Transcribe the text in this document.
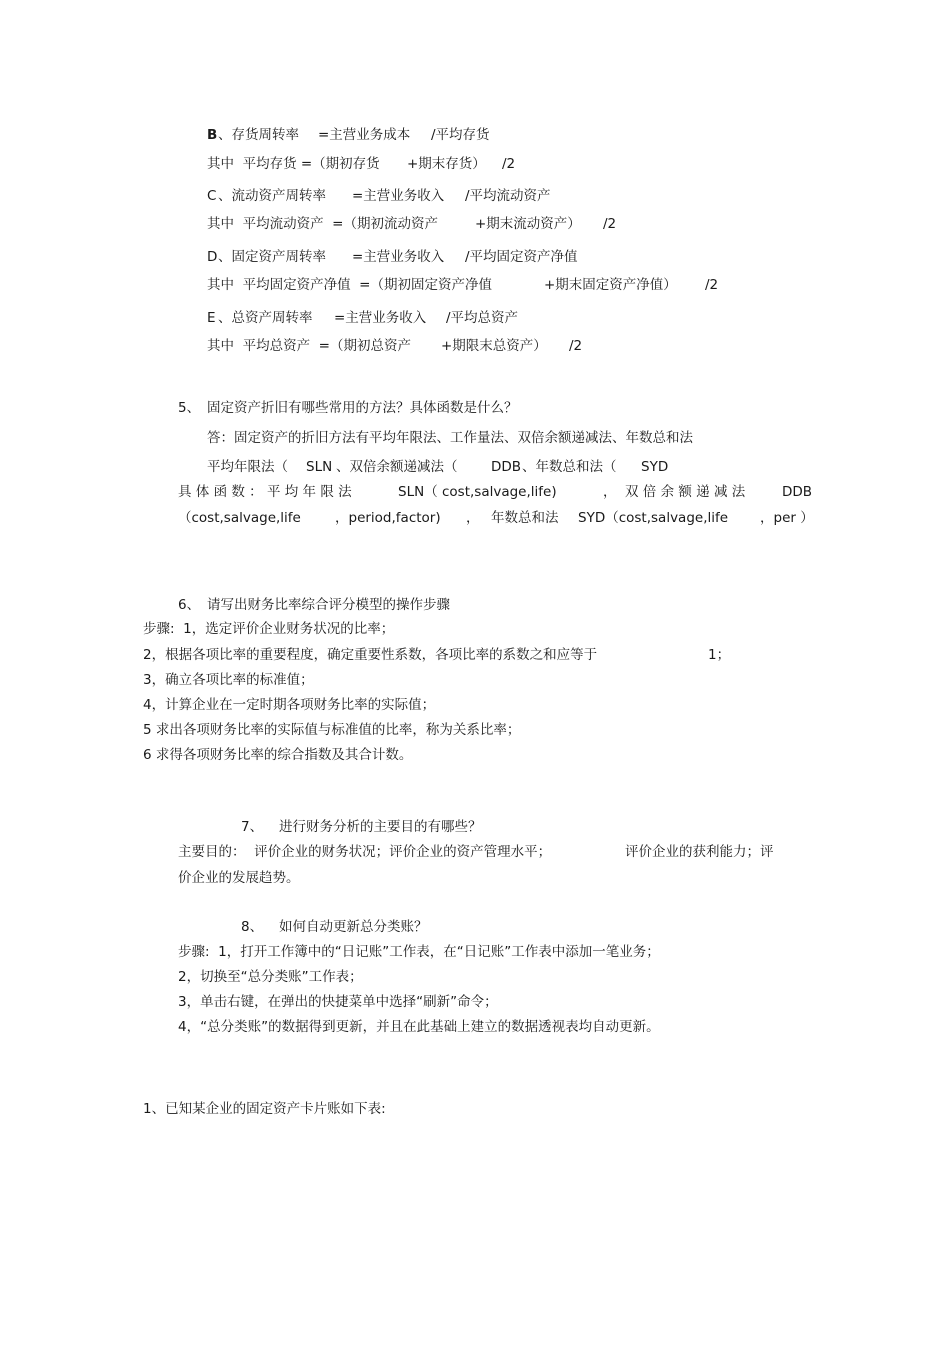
B 、存货周转率 =主营业务成本 /平均存货
其中  平均存货 =（期初存货 +期末存货） /2
C 、流动资产周转率 =主营业务收入 /平均流动资产
其中  平均流动资产  =（期初流动资产	+期末流动资产） /2
D 、固定资产周转率 =主营业务收入 /平均固定资产净值
其中  平均固定资产净值  =（期初固定资产净值	+期末固定资产净值） /2
E 、总资产周转率 =主营业务收入 /平均总资产
其中  平均总资产  =（期初总资产 +期限末总资产） /2
5、 固定资产折旧有哪些常用的方法？具体函数是什么？
答：固定资产的折旧方法有平均年限法、工作量法、双倍余额递减法、年数总和法
平均年限法（ SLN 、双倍余额递减法（ DDB 、年数总和法（ SYD
具 体 函 数 ： 平 均 年 限 法	SLN（ cost,salvage,life)	， 双 倍 余 额 递 减 法	DDB
（cost,salvage,life	，period,factor) ， 年数总和法 SYD（cost,salvage,life ，per ）
6、 请写出财务比率综合评分模型的操作步骤
步骤:  1，选定评价企业财务状况的比率；
2，根据各项比率的重要程度，确定重要性系数，各项比率的系数之和应等于	1；
3，确立各项比率的标准值；
4，计算企业在一定时期各项财务比率的实际值；
5 求出各项财务比率的实际值与标准值的比率，称为关系比率；
6 求得各项财务比率的综合指数及其合计数。
7、 进行财务分析的主要目的有哪些？
主要目的：  评价企业的财务状况；评价企业的资产管理水平；	评价企业的获利能力；评
价企业的发展趋势。
8、 如何自动更新总分类账？
步骤:  1，打开工作簿中的“日记账”工作表，在“日记账”工作表中添加一笔业务；
2，切换至“总分类账”工作表；
3，单击右键，在弹出的快捷菜单中选择“刷新”命令；
4，“总分类账”的数据得到更新，并且在此基础上建立的数据透视表均自动更新。
1、已知某企业的固定资产卡片账如下表:
